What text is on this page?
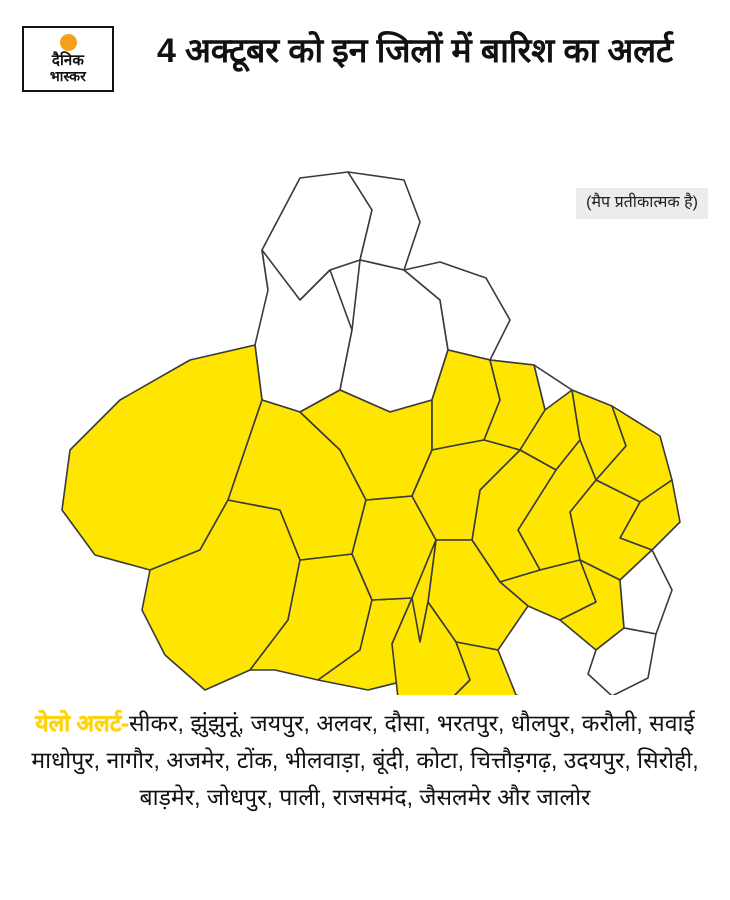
दैनिक
भास्कर
4 अक्टूबर को इन जिलों में बारिश का अलर्ट
(मैप प्रतीकात्मक है)
येलो अलर्ट-सीकर, झुंझुनूं, जयपुर, अलवर, दौसा, भरतपुर, धौलपुर, करौली, सवाई माधोपुर, नागौर, अजमेर, टोंक, भीलवाड़ा, बूंदी, कोटा, चित्तौड़गढ़, उदयपुर, सिरोही, बाड़मेर, जोधपुर, पाली, राजसमंद, जैसलमेर और जालोर
